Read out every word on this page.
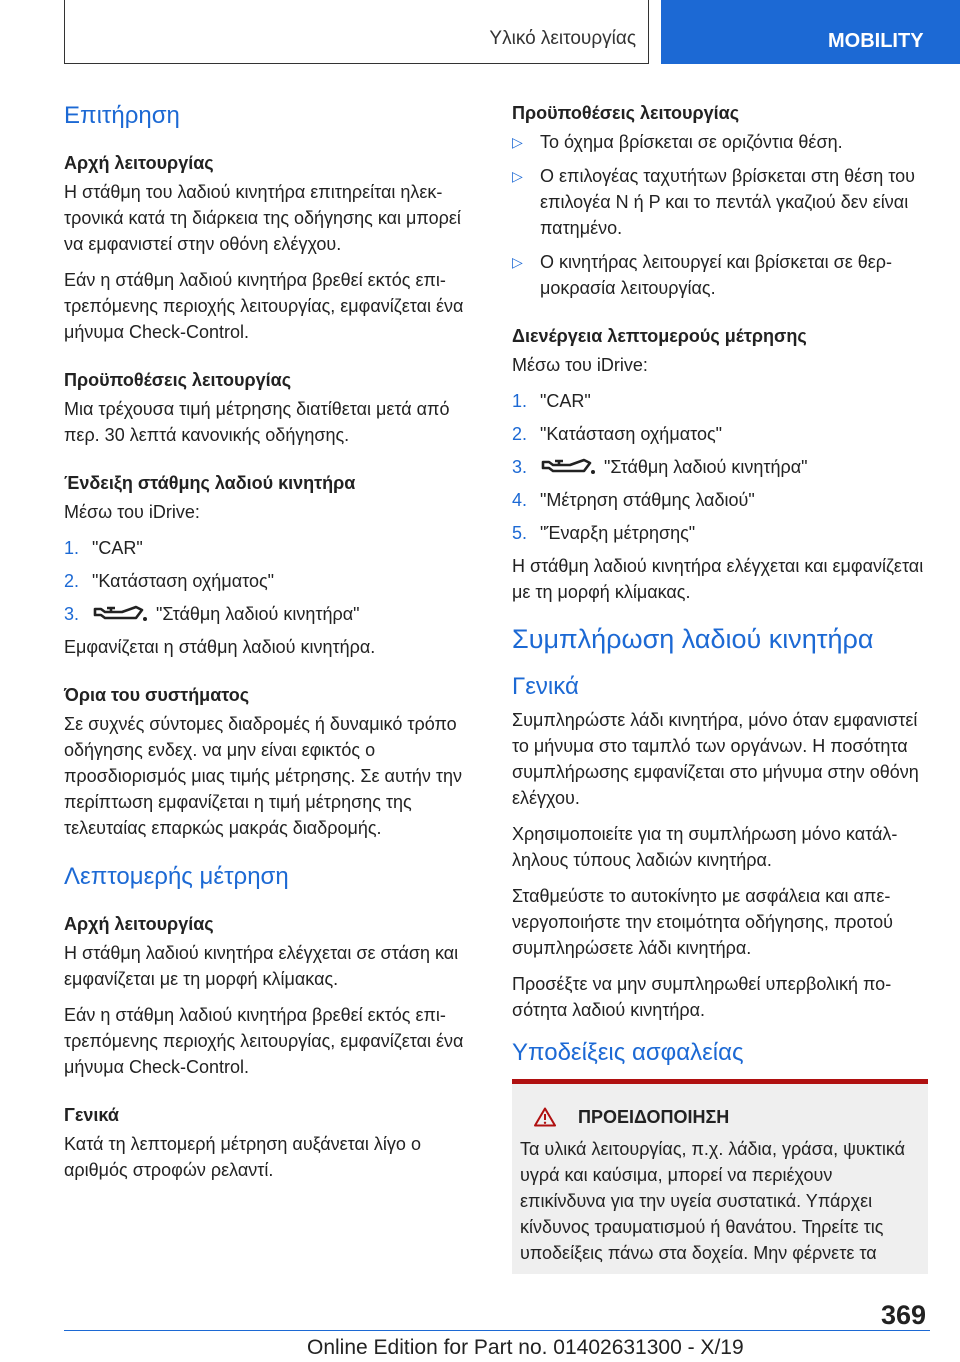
Υλικό λειτουργίας	MOBILITY
Επιτήρηση
Αρχή λειτουργίας

Η στάθμη του λαδιού κινητήρα επιτηρείται ηλεκτρονικά κατά τη διάρκεια της οδήγησης και μπορεί να εμφανιστεί στην οθόνη ελέγχου.

Εάν η στάθμη λαδιού κινητήρα βρεθεί εκτός επιτρεπόμενης περιοχής λειτουργίας, εμφανίζεται ένα μήνυμα Check-Control.

Προϋποθέσεις λειτουργίας

Μια τρέχουσα τιμή μέτρησης διατίθεται μετά από περ. 30 λεπτά κανονικής οδήγησης.

Ένδειξη στάθμης λαδιού κινητήρα

Μέσω του iDrive:

1. "CAR"
2. "Κατάσταση οχήματος"
3.	"Στάθμη λαδιού κινητήρα"

Εμφανίζεται η στάθμη λαδιού κινητήρα.

Όρια του συστήματος

Σε συχνές σύντομες διαδρομές ή δυναμικό τρόπο οδήγησης ενδεχ. να μην είναι εφικτός ο προσδιορισμός μιας τιμής μέτρησης. Σε αυτήν την περίπτωση εμφανίζεται η τιμή μέτρησης της τελευταίας επαρκώς μακράς διαδρομής.

Λεπτομερής μέτρηση
Αρχή λειτουργίας

Η στάθμη λαδιού κινητήρα ελέγχεται σε στάση και εμφανίζεται με τη μορφή κλίμακας.

Εάν η στάθμη λαδιού κινητήρα βρεθεί εκτός επιτρεπόμενης περιοχής λειτουργίας, εμφανίζεται ένα μήνυμα Check-Control.

Γενικά

Κατά τη λεπτομερή μέτρηση αυξάνεται λίγο ο αριθμός στροφών ρελαντί.

Προϋποθέσεις λειτουργίας
▷ Το όχημα βρίσκεται σε οριζόντια θέση.
▷ Ο επιλογέας ταχυτήτων βρίσκεται στη θέση του επιλογέα N ή P και το πεντάλ γκαζιού δεν είναι πατημένο.
▷ Ο κινητήρας λειτουργεί και βρίσκεται σε θερμοκρασία λειτουργίας.
Διενέργεια λεπτομερούς μέτρησης

Μέσω του iDrive:

1. "CAR"
2. "Κατάσταση οχήματος"
3.	"Στάθμη λαδιού κινητήρα"
4. "Μέτρηση στάθμης λαδιού"
5. "Έναρξη μέτρησης"

Η στάθμη λαδιού κινητήρα ελέγχεται και εμφανίζεται με τη μορφή κλίμακας.

Συμπλήρωση λαδιού κινητήρα
Γενικά

Συμπληρώστε λάδι κινητήρα, μόνο όταν εμφανιστεί το μήνυμα στο ταμπλό των οργάνων. Η ποσότητα συμπλήρωσης εμφανίζεται στο μήνυμα στην οθόνη ελέγχου.

Χρησιμοποιείτε για τη συμπλήρωση μόνο κατάλληλους τύπους λαδιών κινητήρα.

Σταθμεύστε το αυτοκίνητο με ασφάλεια και απενεργοποιήστε την ετοιμότητα οδήγησης, προτού συμπληρώσετε λάδι κινητήρα.

Προσέξτε να μην συμπληρωθεί υπερβολική ποσότητα λαδιού κινητήρα.

Υποδείξεις ασφαλείας
ΠΡΟΕΙΔΟΠΟΙΗΣΗ

Τα υλικά λειτουργίας, π.χ. λάδια, γράσα, ψυκτικά υγρά και καύσιμα, μπορεί να περιέχουν επικίνδυνα για την υγεία συστατικά. Υπάρχει κίνδυνος τραυματισμού ή θανάτου. Τηρείτε τις υποδείξεις πάνω στα δοχεία. Μην φέρνετε τα

369
Online Edition for Part no. 01402631300 - X/19
